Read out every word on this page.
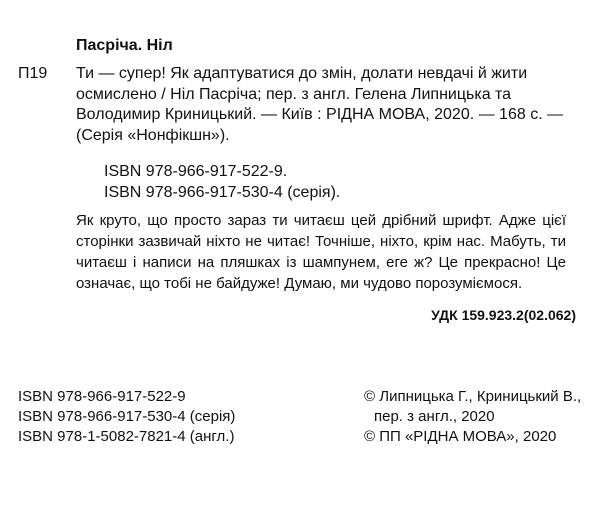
Пасріча. Ніл
П19 Ти — супер! Як адаптуватися до змін, долати невдачі й жити осмислено / Ніл Пасріча; пер. з англ. Гелена Липницька та Володимир Криницький. — Київ : РІДНА МОВА, 2020. — 168 с. — (Серія «Нонфікшн»).
ISBN 978-966-917-522-9.
ISBN 978-966-917-530-4 (серія).

Як круто, що просто зараз ти читаєш цей дрібний шрифт. Адже цієї сторінки зазвичай ніхто не читає! Точніше, ніхто, крім нас. Мабуть, ти читаєш і написи на пляшках із шампунем, еге ж? Це прекрасно! Це означає, що тобі не байдуже! Думаю, ми чудово порозуміємося.

УДК 159.923.2(02.062)
ISBN 978-966-917-522-9
ISBN 978-966-917-530-4 (серія)
ISBN 978-1-5082-7821-4 (англ.)
© Липницька Г., Криницький В.,
пер. з англ., 2020
© ПП «РІДНА МОВА», 2020
